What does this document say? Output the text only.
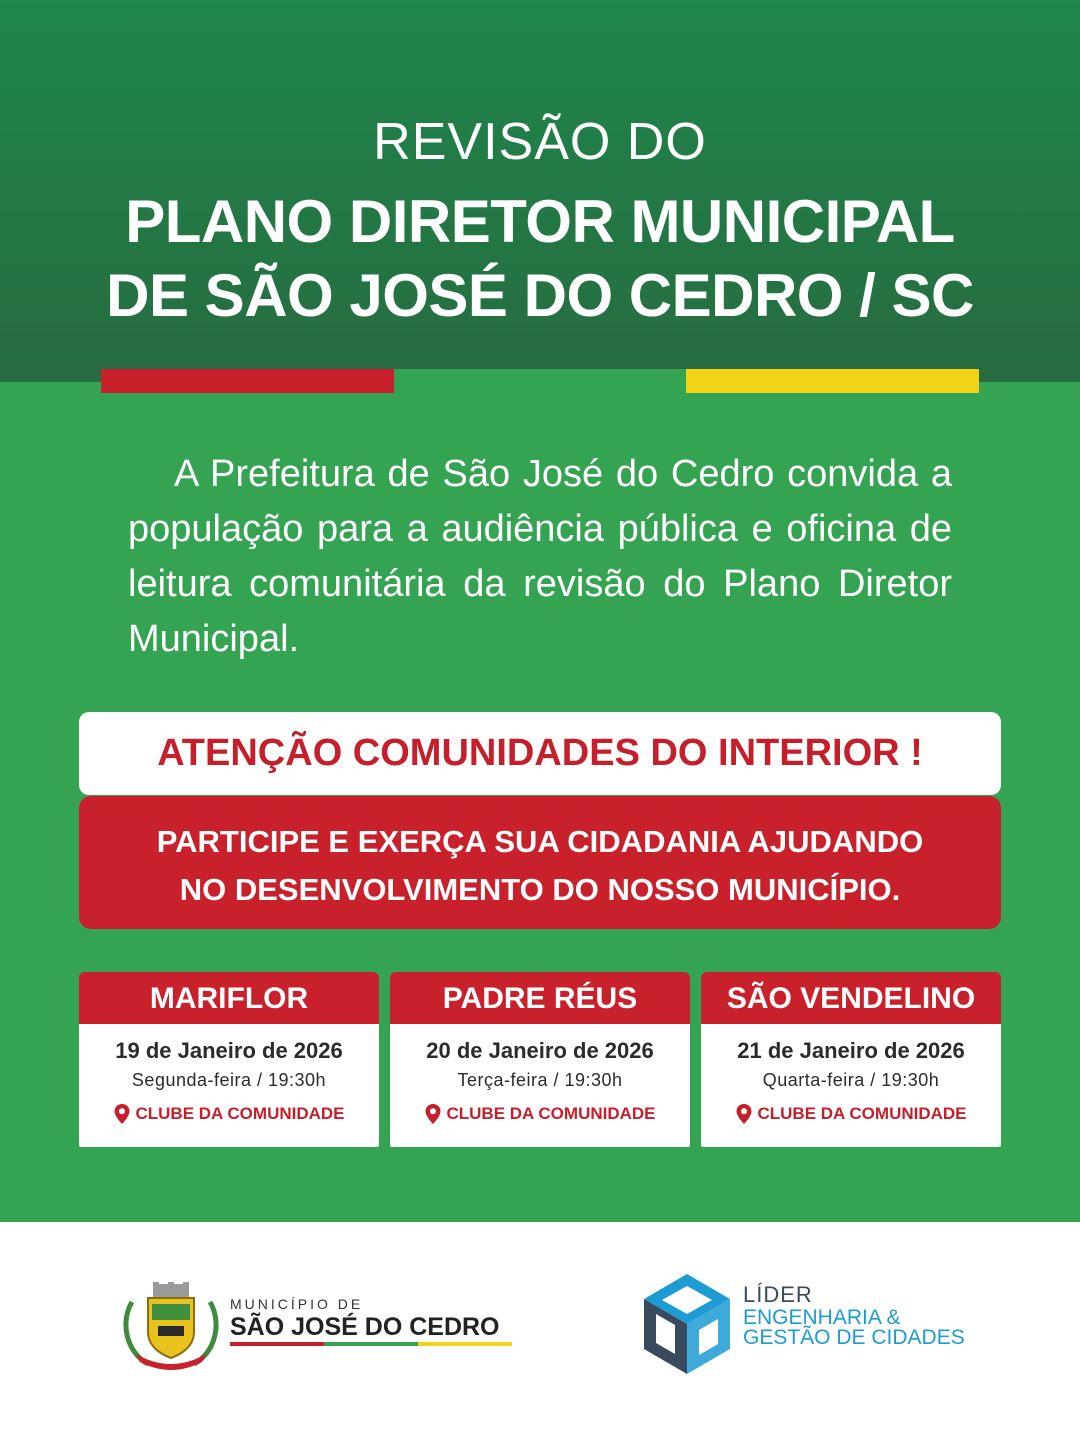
REVISÃO DO
PLANO DIRETOR MUNICIPAL
DE SÃO JOSÉ DO CEDRO / SC

A Prefeitura de São José do Cedro convida a população para a audiência pública e oficina de leitura comunitária da revisão do Plano Diretor Municipal.

ATENÇÃO COMUNIDADES DO INTERIOR !
PARTICIPE E EXERÇA SUA CIDADANIA AJUDANDO
NO DESENVOLVIMENTO DO NOSSO MUNICÍPIO.
MARIFLOR
19 de Janeiro de 2026
Segunda-feira / 19:30h
CLUBE DA COMUNIDADE
PADRE RÉUS
20 de Janeiro de 2026
Terça-feira / 19:30h
CLUBE DA COMUNIDADE
SÃO VENDELINO
21 de Janeiro de 2026
Quarta-feira / 19:30h
CLUBE DA COMUNIDADE
MUNICÍPIO DE
SÃO JOSÉ DO CEDRO
LÍDER
ENGENHARIA &
GESTÃO DE CIDADES
